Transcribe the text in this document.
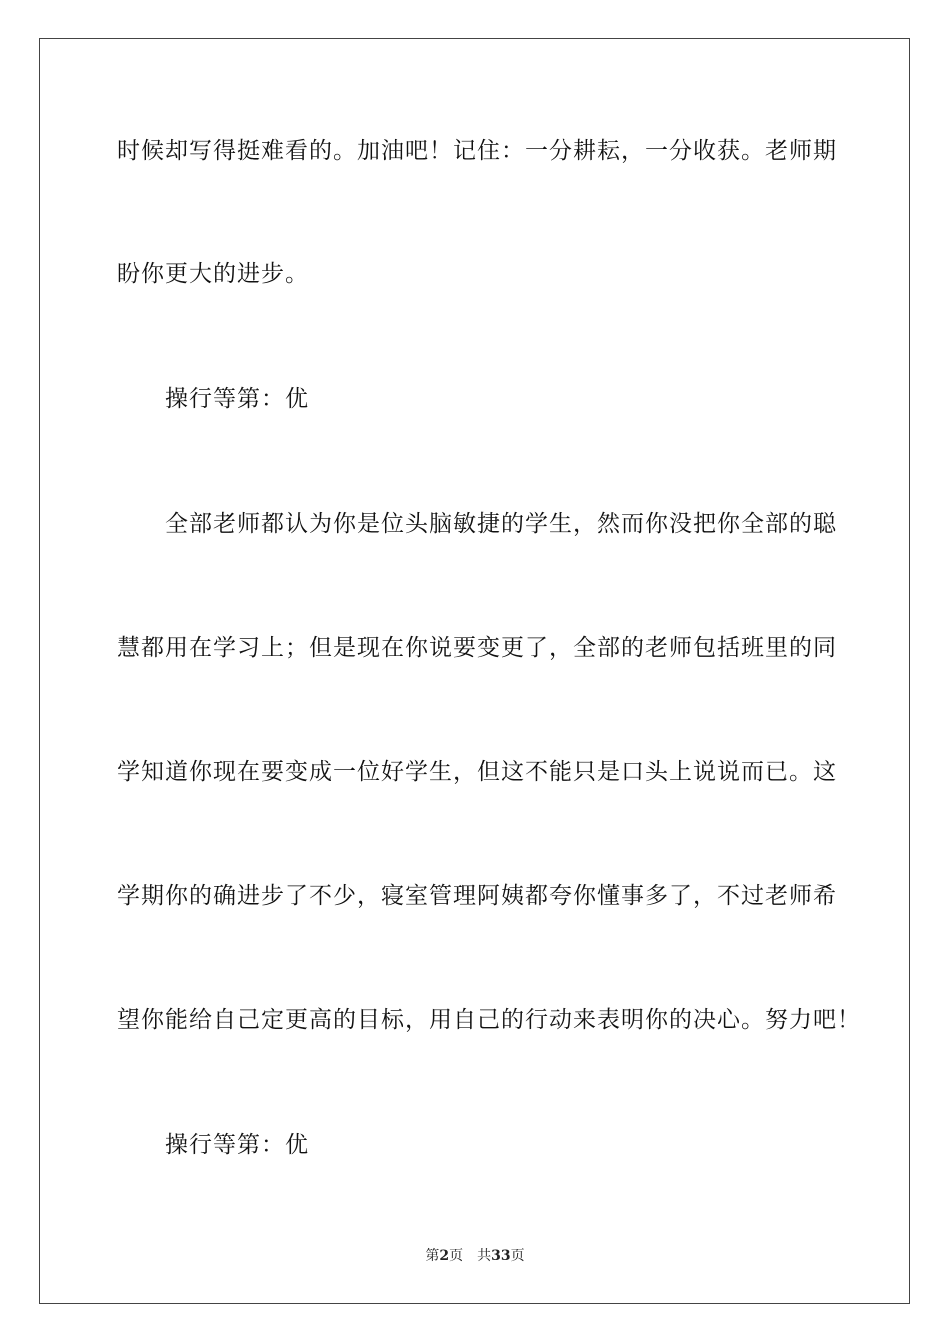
时候却写得挺难看的。加油吧！记住：一分耕耘，一分收获。老师期
盼你更大的进步。
操行等第：优
全部老师都认为你是位头脑敏捷的学生，然而你没把你全部的聪
慧都用在学习上；但是现在你说要变更了，全部的老师包括班里的同
学知道你现在要变成一位好学生，但这不能只是口头上说说而已。这
学期你的确进步了不少，寝室管理阿姨都夸你懂事多了，不过老师希
望你能给自己定更高的目标，用自己的行动来表明你的决心。努力吧！
操行等第：优
第2页 共33页
